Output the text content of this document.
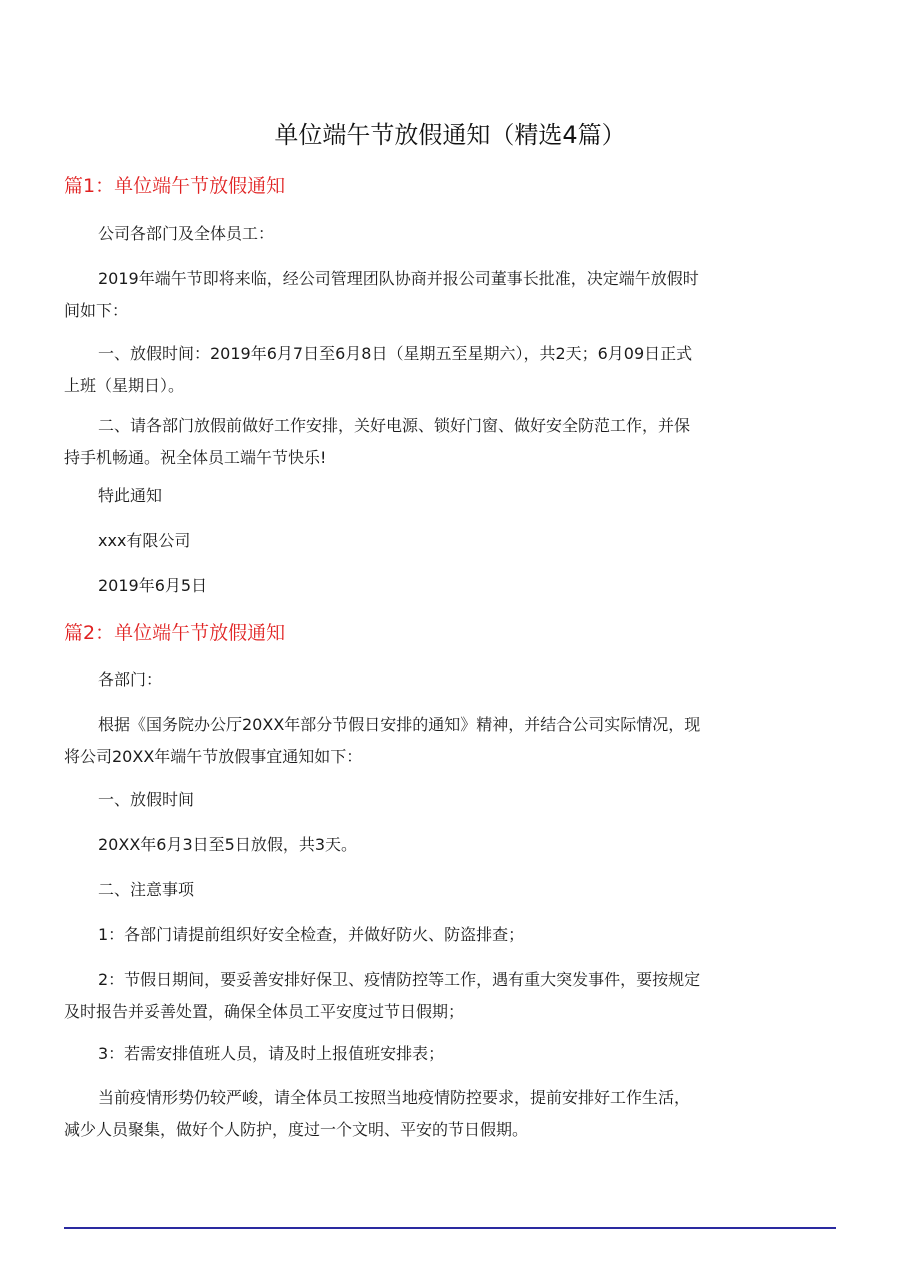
单位端午节放假通知（精选4篇）
篇1：单位端午节放假通知

公司各部门及全体员工：

2019年端午节即将来临，经公司管理团队协商并报公司董事长批准，决定端午放假时间如下：

一、放假时间：2019年6月7日至6月8日（星期五至星期六），共2天；6月09日正式上班（星期日）。

二、请各部门放假前做好工作安排，关好电源、锁好门窗、做好安全防范工作，并保持手机畅通。祝全体员工端午节快乐!

特此通知

xxx有限公司

2019年6月5日

篇2：单位端午节放假通知

各部门：

根据《国务院办公厅20XX年部分节假日安排的通知》精神，并结合公司实际情况，现将公司20XX年端午节放假事宜通知如下：

一、放假时间

20XX年6月3日至5日放假，共3天。

二、注意事项

1：各部门请提前组织好安全检查，并做好防火、防盗排查；

2：节假日期间，要妥善安排好保卫、疫情防控等工作，遇有重大突发事件，要按规定及时报告并妥善处置，确保全体员工平安度过节日假期；

3：若需安排值班人员，请及时上报值班安排表；

当前疫情形势仍较严峻，请全体员工按照当地疫情防控要求，提前安排好工作生活，减少人员聚集，做好个人防护，度过一个文明、平安的节日假期。
